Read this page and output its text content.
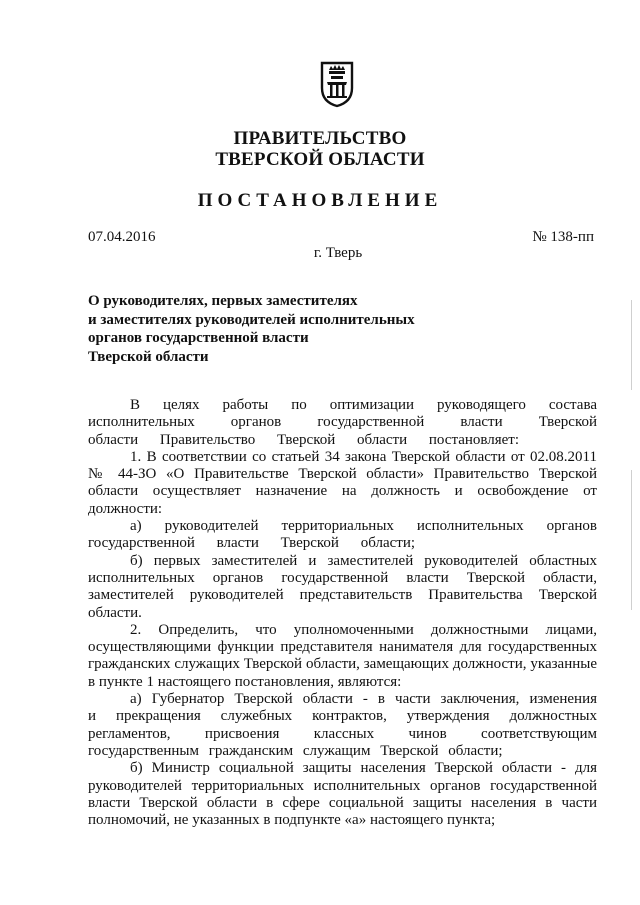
ПРАВИТЕЛЬСТВО
ТВЕРСКОЙ ОБЛАСТИ
ПОСТАНОВЛЕНИЕ
07.04.2016	№ 138-пп
г. Тверь
О руководителях, первых заместителях
и заместителях руководителей исполнительных
органов государственной власти
Тверской области

В целях работы по оптимизации руководящего состава исполнительных органов государственной власти Тверской области Правительство Тверской области постановляет:

1. В соответствии со статьей 34 закона Тверской области от 02.08.2011 № 44-ЗО «О Правительстве Тверской области» Правительство Тверской области осуществляет назначение на должность и освобождение от должности:

а) руководителей территориальных исполнительных органов государственной власти Тверской области;

б) первых заместителей и заместителей руководителей областных исполнительных органов государственной власти Тверской области, заместителей руководителей представительств Правительства Тверской области.

2. Определить, что уполномоченными должностными лицами, осуществляющими функции представителя нанимателя для государственных гражданских служащих Тверской области, замещающих должности, указанные в пункте 1 настоящего постановления, являются:

а) Губернатор Тверской области - в части заключения, изменения и прекращения служебных контрактов, утверждения должностных регламентов, присвоения классных чинов соответствующим государственным гражданским служащим Тверской области;

б) Министр социальной защиты населения Тверской области - для руководителей территориальных исполнительных органов государственной власти Тверской области в сфере социальной защиты населения в части полномочий, не указанных в подпункте «а» настоящего пункта;
